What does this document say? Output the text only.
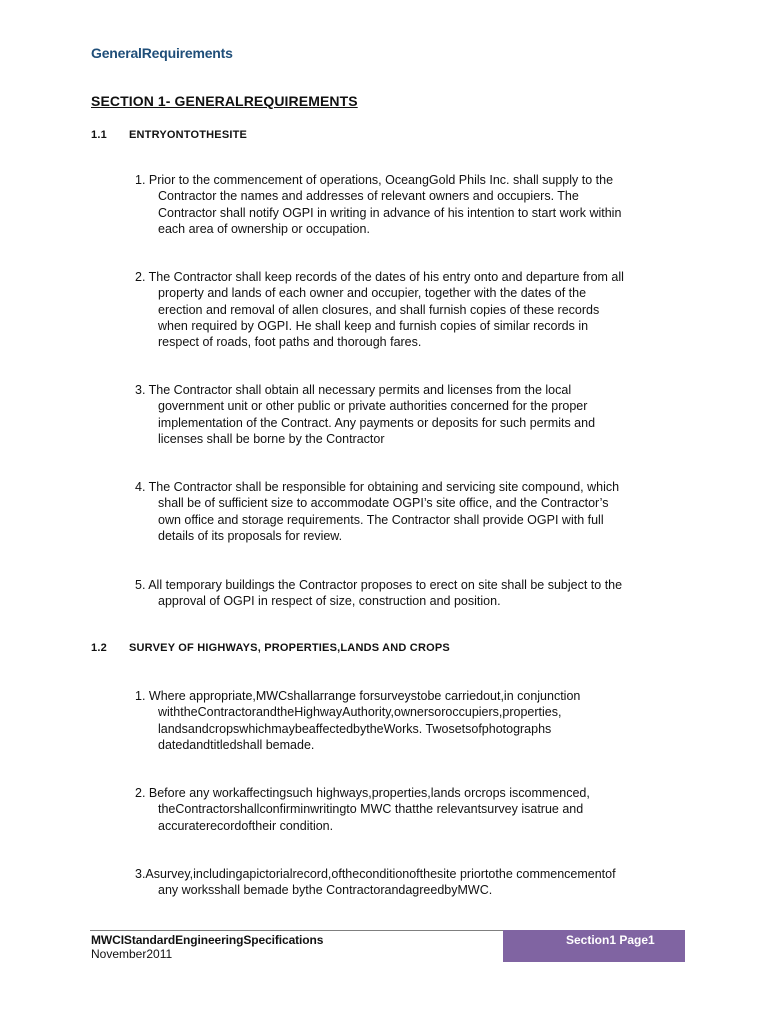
GeneralRequirements
SECTION 1- GENERALREQUIREMENTS
1.1 ENTRYONTOTHESITE
1. Prior to the commencement of operations, OceangGold Phils Inc. shall supply to the
Contractor the names and addresses of relevant owners and occupiers. The
Contractor shall notify OGPI in writing in advance of his intention to start work within
each area of ownership or occupation.
2. The Contractor shall keep records of the dates of his entry onto and departure from all
property and lands of each owner and occupier, together with the dates of the
erection and removal of allen closures, and shall furnish copies of these records
when required by OGPI. He shall keep and furnish copies of similar records in
respect of roads, foot paths and thorough fares.
3. The Contractor shall obtain all necessary permits and licenses from the local
government unit or other public or private authorities concerned for the proper
implementation of the Contract. Any payments or deposits for such permits and
licenses shall be borne by the Contractor
4. The Contractor shall be responsible for obtaining and servicing site compound, which
shall be of sufficient size to accommodate OGPI’s site office, and the Contractor’s
own office and storage requirements. The Contractor shall provide OGPI with full
details of its proposals for review.
5. All temporary buildings the Contractor proposes to erect on site shall be subject to the
approval of OGPI in respect of size, construction and position.
1.2 SURVEY OF HIGHWAYS, PROPERTIES,LANDS AND CROPS
1. Where appropriate,MWCshallarrange forsurveystobe carriedout,in conjunction
withtheContractorandtheHighwayAuthority,ownersoroccupiers,properties,
landsandcropswhichmaybeaffectedbytheWorks. Twosetsofphotographs
datedandtitledshall bemade.
2. Before any workaffectingsuch highways,properties,lands orcrops iscommenced,
theContractorshallconfirminwritingto MWC thatthe relevantsurvey isatrue and
accuraterecordoftheir condition.
3.Asurvey,includingapictorialrecord,oftheconditionofthesite priortothe commencementof
any worksshall bemade bythe ContractorandagreedbyMWC.
MWCIStandardEngineeringSpecifications
November2011
Section1 Page1
